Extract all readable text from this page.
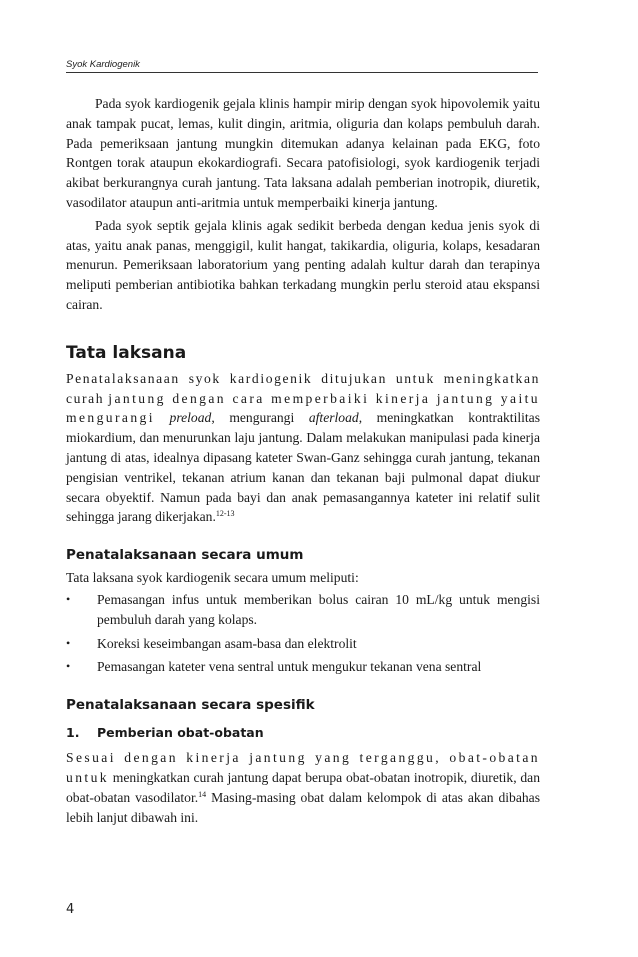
Syok Kardiogenik

Pada syok kardiogenik gejala klinis hampir mirip dengan syok hipovolemik yaitu anak tampak pucat, lemas, kulit dingin, aritmia, oliguria dan kolaps pembuluh darah. Pada pemeriksaan jantung mungkin ditemukan adanya kelainan pada EKG, foto Rontgen torak ataupun ekokardiografi. Secara patofisiologi, syok kardiogenik terjadi akibat berkurangnya curah jantung. Tata laksana adalah pemberian inotropik, diuretik, vasodilator ataupun anti-aritmia untuk memperbaiki kinerja jantung.

Pada syok septik gejala klinis agak sedikit berbeda dengan kedua jenis syok di atas, yaitu anak panas, menggigil, kulit hangat, takikardia, oliguria, kolaps, kesadaran menurun. Pemeriksaan laboratorium yang penting adalah kultur darah dan terapinya meliputi pemberian antibiotika bahkan terkadang mungkin perlu steroid atau ekspansi cairan.

Tata laksana

Penatalaksanaan syok kardiogenik ditujukan untuk meningkatkan curah jantung dengan cara memperbaiki kinerja jantung yaitu mengurangi preload, mengurangi afterload, meningkatkan kontraktilitas miokardium, dan menurunkan laju jantung. Dalam melakukan manipulasi pada kinerja jantung di atas, idealnya dipasang kateter Swan-Ganz sehingga curah jantung, tekanan pengisian ventrikel, tekanan atrium kanan dan tekanan baji pulmonal dapat diukur secara obyektif. Namun pada bayi dan anak pemasangannya kateter ini relatif sulit sehingga jarang dikerjakan.$^{12-13}$

Penatalaksanaan secara umum

Tata laksana syok kardiogenik secara umum meliputi:

•	Pemasangan infus untuk memberikan bolus cairan 10 mL/kg untuk mengisi pembuluh darah yang kolaps.
•	Koreksi keseimbangan asam-basa dan elektrolit
•	Pemasangan kateter vena sentral untuk mengukur tekanan vena sentral
Penatalaksanaan secara spesifik
1.	Pemberian obat-obatan

Sesuai dengan kinerja jantung yang terganggu, obat-obatan untuk meningkatkan curah jantung dapat berupa obat-obatan inotropik, diuretik, dan obat-obatan vasodilator.$^{14}$ Masing-masing obat dalam kelompok di atas akan dibahas lebih lanjut dibawah ini.

4
